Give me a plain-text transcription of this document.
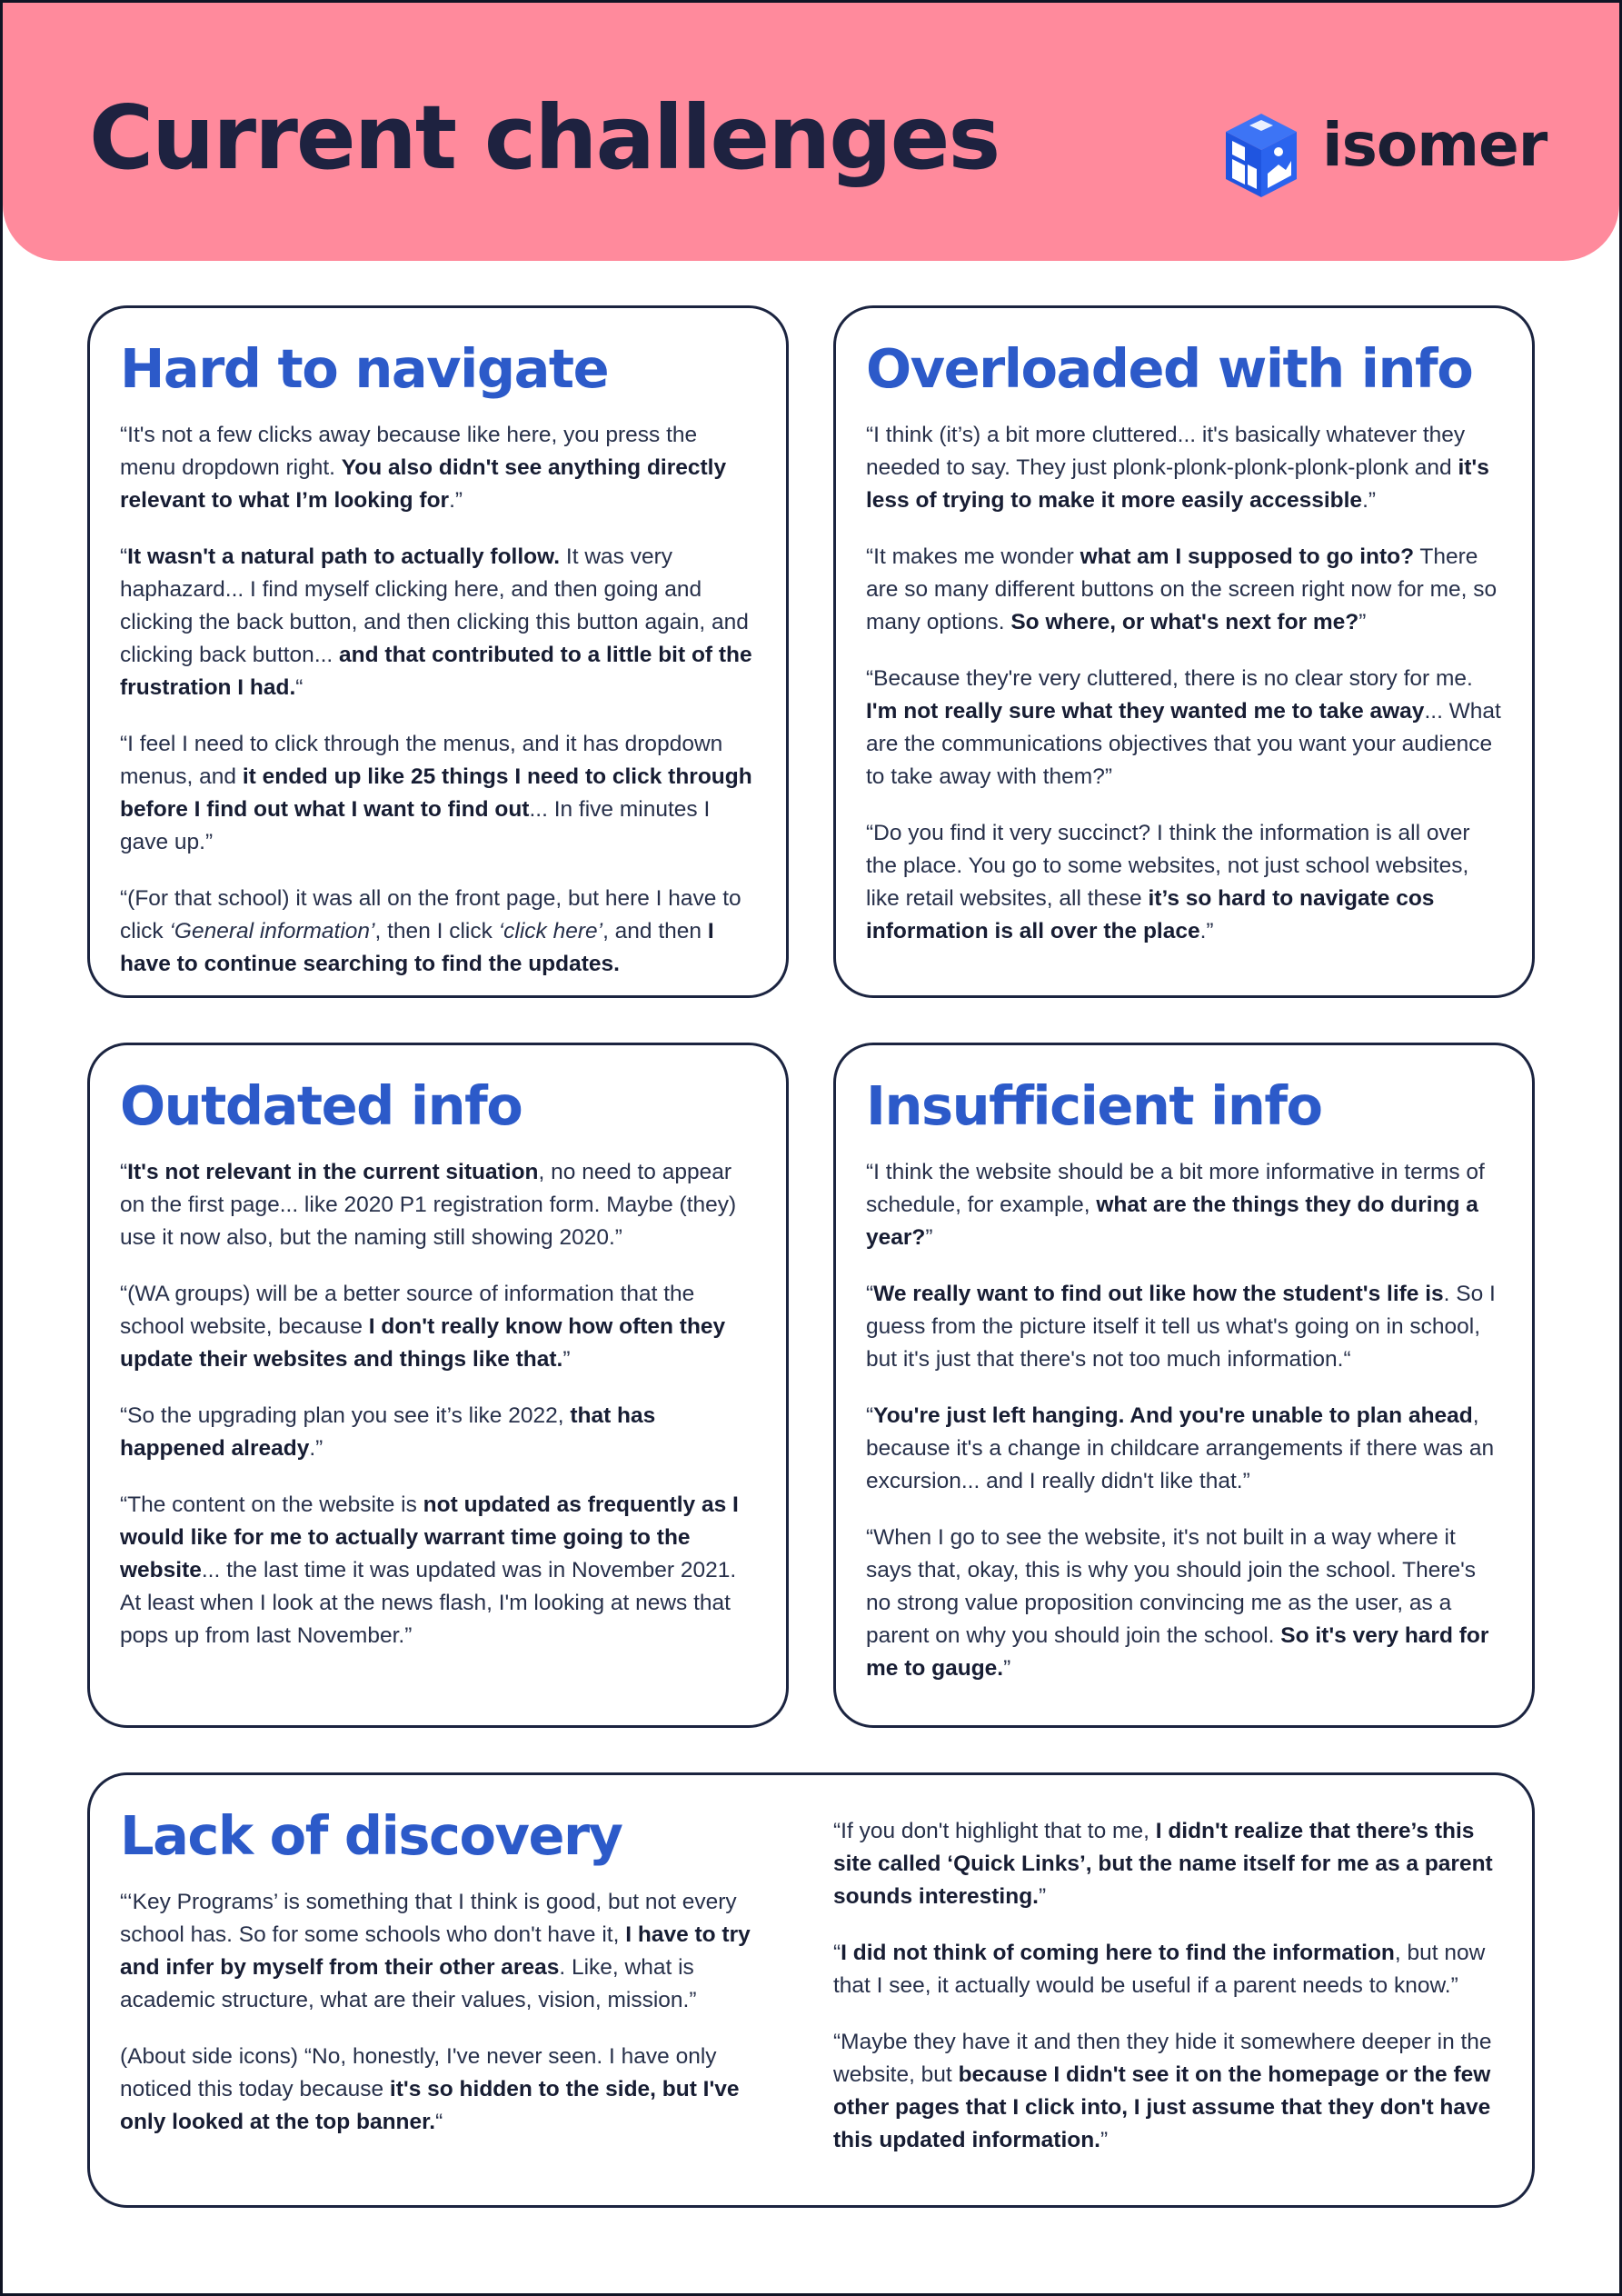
Current challenges	isomer
Hard to navigate

“It's not a few clicks away because like here, you press the menu dropdown right. You also didn't see anything directly relevant to what I’m looking for.”

“It wasn't a natural path to actually follow. It was very haphazard... I find myself clicking here, and then going and clicking the back button, and then clicking this button again, and clicking back button... and that contributed to a little bit of the frustration I had.“

“I feel I need to click through the menus, and it has dropdown menus, and it ended up like 25 things I need to click through before I find out what I want to find out... In five minutes I gave up.”

“(For that school) it was all on the front page, but here I have to click ‘General information’, then I click ‘click here’, and then I have to continue searching to find the updates.

Overloaded with info

“I think (it’s) a bit more cluttered... it's basically whatever they needed to say. They just plonk-plonk-plonk-plonk-plonk and it's less of trying to make it more easily accessible.”

“It makes me wonder what am I supposed to go into? There are so many different buttons on the screen right now for me, so many options. So where, or what's next for me?”

“Because they're very cluttered, there is no clear story for me. I'm not really sure what they wanted me to take away... What are the communications objectives that you want your audience to take away with them?”

“Do you find it very succinct? I think the information is all over the place. You go to some websites, not just school websites, like retail websites, all these it’s so hard to navigate cos information is all over the place.”

Outdated info

“It's not relevant in the current situation, no need to appear on the first page... like 2020 P1 registration form. Maybe (they) use it now also, but the naming still showing 2020.”

“(WA groups) will be a better source of information that the school website, because I don't really know how often they update their websites and things like that.”

“So the upgrading plan you see it’s like 2022, that has happened already.”

“The content on the website is not updated as frequently as I would like for me to actually warrant time going to the website... the last time it was updated was in November 2021. At least when I look at the news flash, I'm looking at news that pops up from last November.”

Insufficient info

“I think the website should be a bit more informative in terms of schedule, for example, what are the things they do during a year?”

“We really want to find out like how the student's life is. So I guess from the picture itself it tell us what's going on in school, but it's just that there's not too much information.“

“You're just left hanging. And you're unable to plan ahead, because it's a change in childcare arrangements if there was an excursion... and I really didn't like that.”

“When I go to see the website, it's not built in a way where it says that, okay, this is why you should join the school. There's no strong value proposition convincing me as the user, as a parent on why you should join the school. So it's very hard for me to gauge.”

Lack of discovery

“‘Key Programs’ is something that I think is good, but not every school has. So for some schools who don't have it, I have to try and infer by myself from their other areas. Like, what is academic structure, what are their values, vision, mission.”

(About side icons) “No, honestly, I've never seen. I have only noticed this today because it's so hidden to the side, but I've only looked at the top banner.“

“If you don't highlight that to me, I didn't realize that there’s this site called ‘Quick Links’, but the name itself for me as a parent sounds interesting.”

“I did not think of coming here to find the information, but now that I see, it actually would be useful if a parent needs to know.”

“Maybe they have it and then they hide it somewhere deeper in the website, but because I didn't see it on the homepage or the few other pages that I click into, I just assume that they don't have this updated information.”
